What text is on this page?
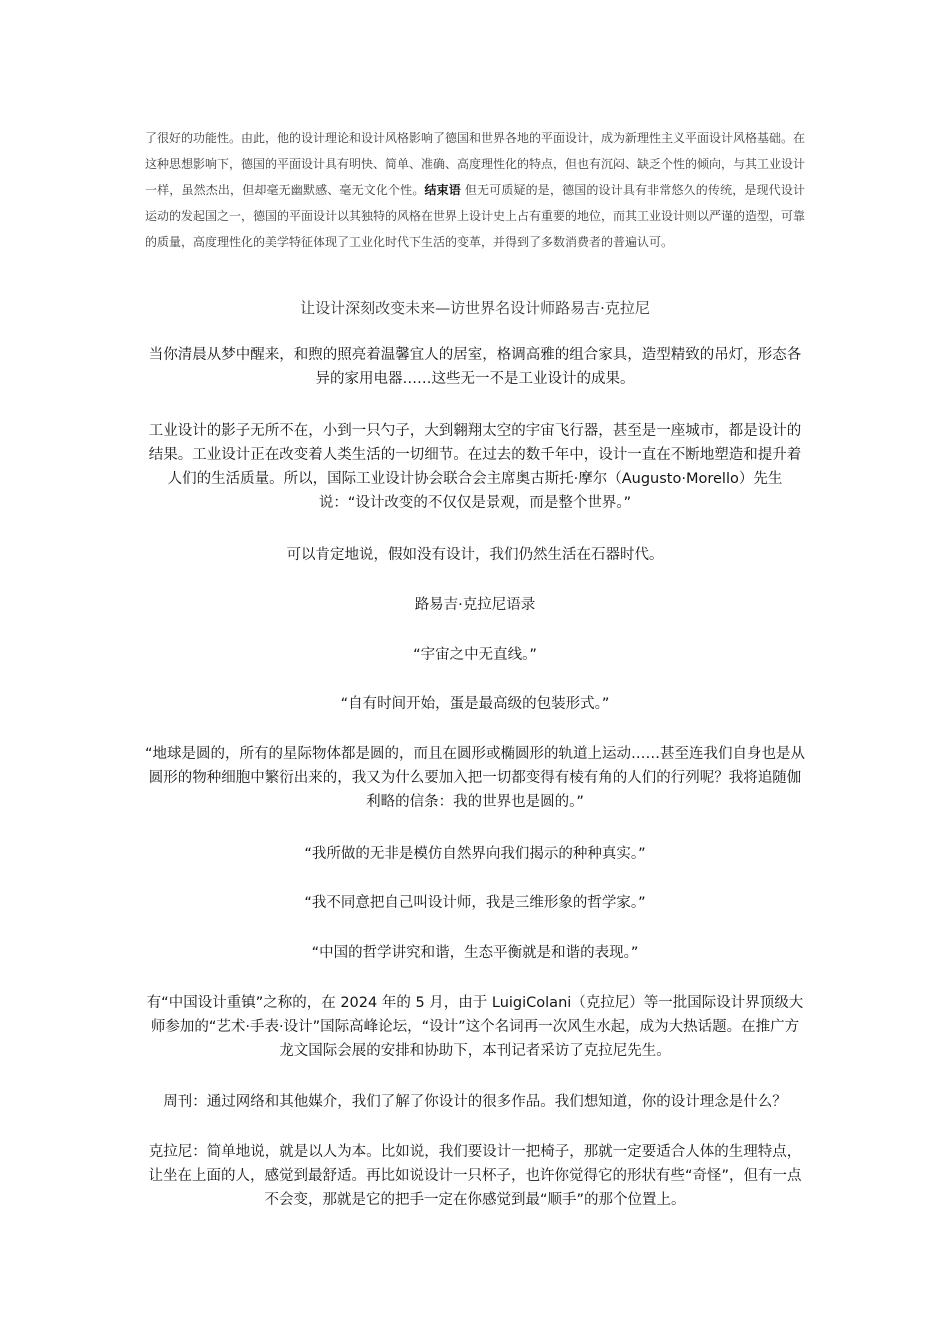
了很好的功能性。由此，他的设计理论和设计风格影响了德国和世界各地的平面设计，成为新理性主义平面设计风格基础。在这种思想影响下，德国的平面设计具有明快、简单、准确、高度理性化的特点，但也有沉闷、缺乏个性的倾向，与其工业设计一样，虽然杰出，但却毫无幽默感、毫无文化个性。结束语 但无可质疑的是，德国的设计具有非常悠久的传统，是现代设计运动的发起国之一，德国的平面设计以其独特的风格在世界上设计史上占有重要的地位，而其工业设计则以严谨的造型，可靠的质量，高度理性化的美学特征体现了工业化时代下生活的变革，并得到了多数消费者的普遍认可。
让设计深刻改变未来—访世界名设计师路易吉·克拉尼
当你清晨从梦中醒来，和煦的照亮着温馨宜人的居室，格调高雅的组合家具，造型精致的吊灯，形态各异的家用电器……这些无一不是工业设计的成果。
工业设计的影子无所不在，小到一只勺子，大到翱翔太空的宇宙飞行器，甚至是一座城市，都是设计的结果。工业设计正在改变着人类生活的一切细节。在过去的数千年中，设计一直在不断地塑造和提升着人们的生活质量。所以，国际工业设计协会联合会主席奥古斯托·摩尔（Augusto·Morello）先生说：“设计改变的不仅仅是景观，而是整个世界。”
可以肯定地说，假如没有设计，我们仍然生活在石器时代。
路易吉·克拉尼语录
“宇宙之中无直线。”
“自有时间开始，蛋是最高级的包装形式。”
“地球是圆的，所有的星际物体都是圆的，而且在圆形或椭圆形的轨道上运动……甚至连我们自身也是从圆形的物种细胞中繁衍出来的，我又为什么要加入把一切都变得有棱有角的人们的行列呢？我将追随伽利略的信条：我的世界也是圆的。”
“我所做的无非是模仿自然界向我们揭示的种种真实。”
“我不同意把自己叫设计师，我是三维形象的哲学家。”
“中国的哲学讲究和谐，生态平衡就是和谐的表现。”
有“中国设计重镇”之称的，在 2024 年的 5 月，由于 LuigiColani（克拉尼）等一批国际设计界顶级大师参加的“艺术·手表·设计”国际高峰论坛，“设计”这个名词再一次风生水起，成为大热话题。在推广方龙文国际会展的安排和协助下，本刊记者采访了克拉尼先生。
周刊：通过网络和其他媒介，我们了解了你设计的很多作品。我们想知道，你的设计理念是什么？
克拉尼：简单地说，就是以人为本。比如说，我们要设计一把椅子，那就一定要适合人体的生理特点，让坐在上面的人，感觉到最舒适。再比如说设计一只杯子，也许你觉得它的形状有些“奇怪”，但有一点不会变，那就是它的把手一定在你感觉到最“顺手”的那个位置上。
